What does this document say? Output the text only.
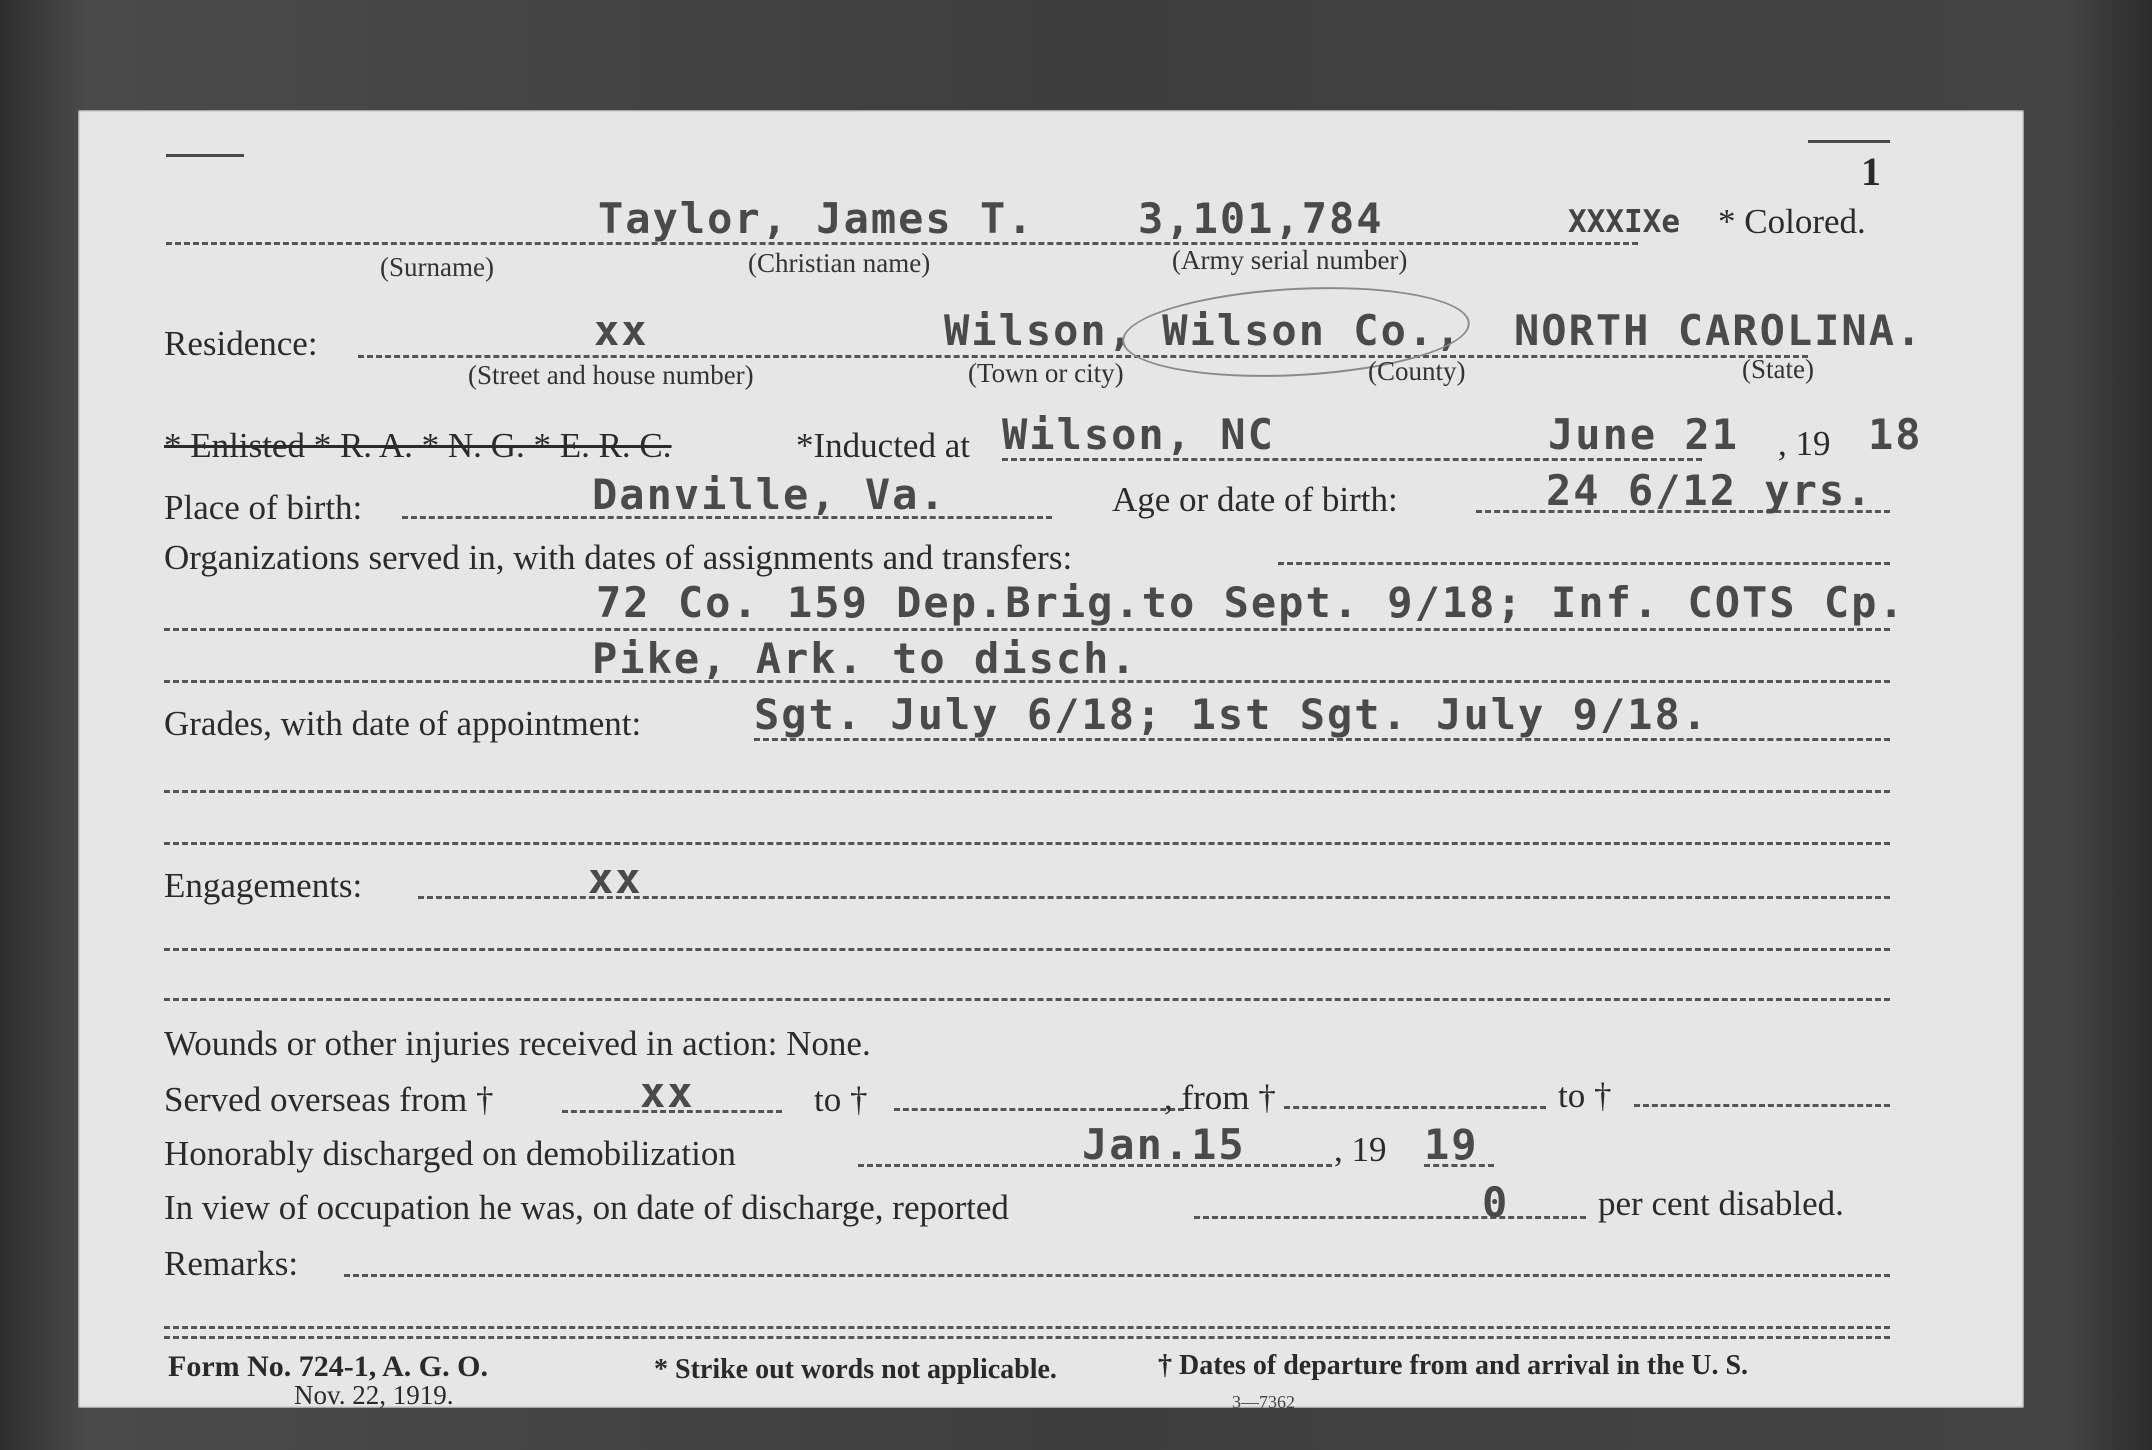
1
Taylor, James T. 3,101,784	XXXIXe * Colored.
(Surname)	(Christian name)	(Army serial number)
Residence:	xx	Wilson, Wilson Co., NORTH CAROLINA.
(Street and house number)	(Town or city)	(County)	(State)
* Enlisted * R. A. * N. G. * E. R. C.	*Inducted at Wilson, NC	June 21 , 19 18
Place of birth:	Danville, Va.	Age or date of birth:	24 6/12 yrs.
Organizations served in, with dates of assignments and transfers:
72 Co. 159 Dep.Brig.to Sept. 9/18; Inf. COTS Cp.
Pike, Ark. to disch.
Grades, with date of appointment:	Sgt. July 6/18; 1st Sgt. July 9/18.
Engagements:	xx
Wounds or other injuries received in action: None.
Served overseas from †	xx	to †	, from †	to †
Honorably discharged on demobilization	Jan.15	, 19 19
In view of occupation he was, on date of discharge, reported	0	per cent disabled.
Remarks:
Form No. 724-1, A. G. O.
Nov. 22, 1919.
* Strike out words not applicable.	† Dates of departure from and arrival in the U. S.
3—7362
